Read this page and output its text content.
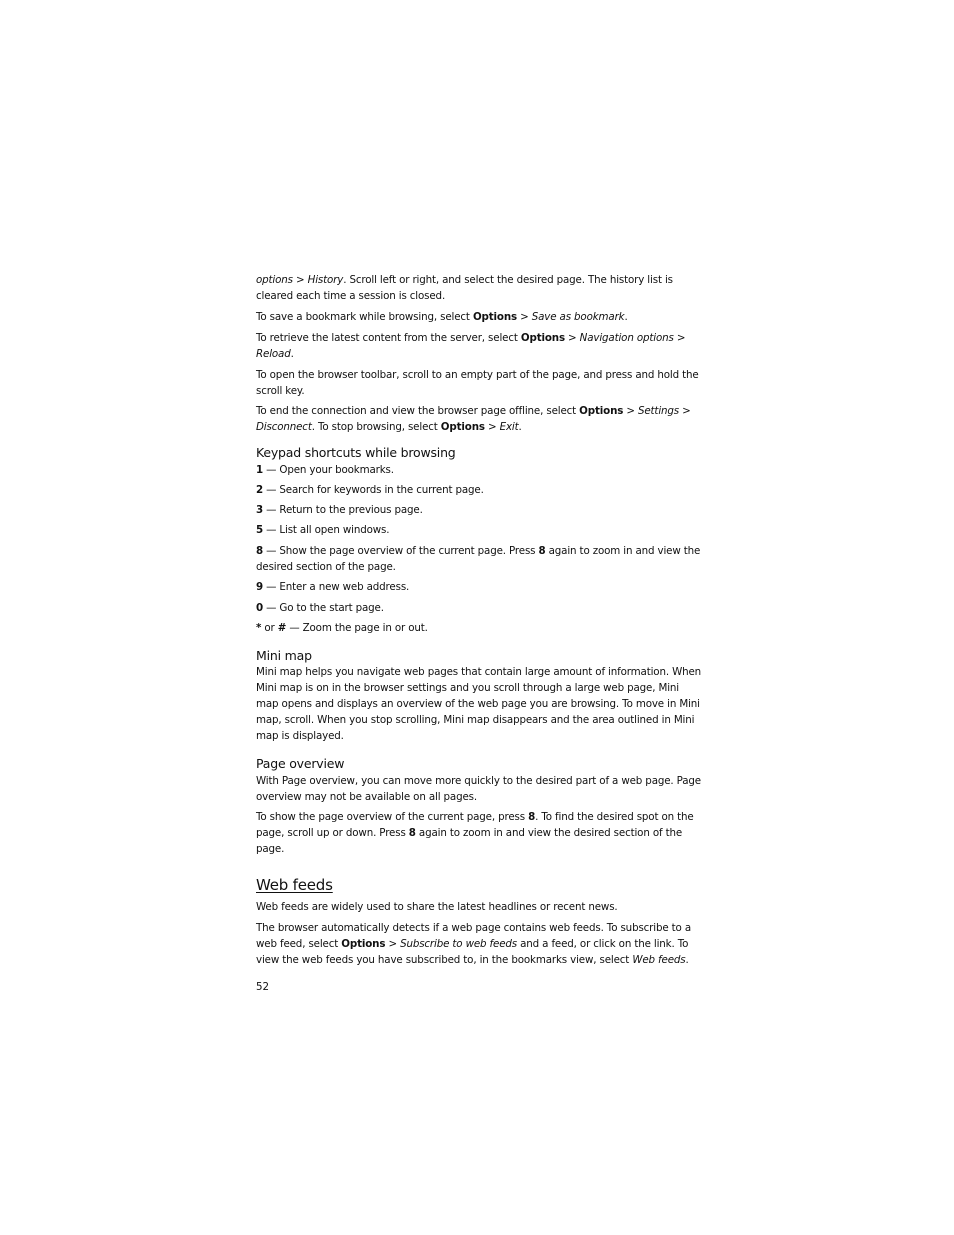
options > History. Scroll left or right, and select the desired page. The history list is cleared each time a session is closed.

To save a bookmark while browsing, select Options > Save as bookmark.

To retrieve the latest content from the server, select Options > Navigation options > Reload.

To open the browser toolbar, scroll to an empty part of the page, and press and hold the scroll key.

To end the connection and view the browser page offline, select Options > Settings > Disconnect. To stop browsing, select Options > Exit.

Keypad shortcuts while browsing

1 — Open your bookmarks.

2 — Search for keywords in the current page.

3 — Return to the previous page.

5 — List all open windows.

8 — Show the page overview of the current page. Press 8 again to zoom in and view the desired section of the page.

9 — Enter a new web address.

0 — Go to the start page.

* or # — Zoom the page in or out.

Mini map

Mini map helps you navigate web pages that contain large amount of information. When Mini map is on in the browser settings and you scroll through a large web page, Mini map opens and displays an overview of the web page you are browsing. To move in Mini map, scroll. When you stop scrolling, Mini map disappears and the area outlined in Mini map is displayed.

Page overview

With Page overview, you can move more quickly to the desired part of a web page. Page overview may not be available on all pages.

To show the page overview of the current page, press 8. To find the desired spot on the page, scroll up or down. Press 8 again to zoom in and view the desired section of the page.

Web feeds

Web feeds are widely used to share the latest headlines or recent news.

The browser automatically detects if a web page contains web feeds. To subscribe to a web feed, select Options > Subscribe to web feeds and a feed, or click on the link. To view the web feeds you have subscribed to, in the bookmarks view, select Web feeds.

52
